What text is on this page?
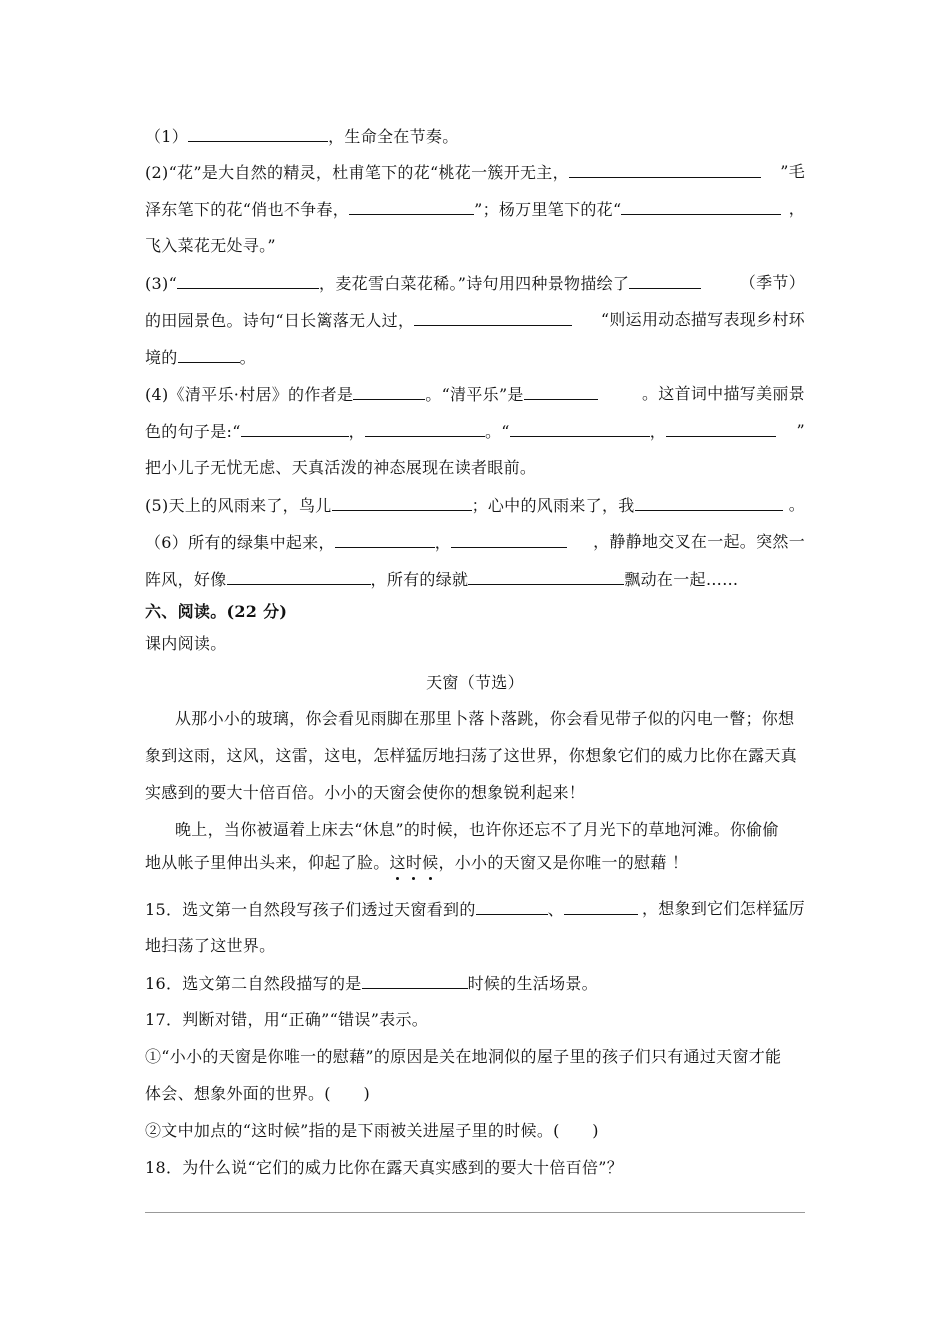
（1）	，生命全在节奏。
(2)“花”是大自然的精灵，杜甫笔下的花“桃花一簇开无主，	”毛
泽东笔下的花“俏也不争春，	”；杨万里笔下的花“	，
飞入菜花无处寻。”
(3)“	，麦花雪白菜花稀。”诗句用四种景物描绘了	（季节）
的田园景色。诗句“日长篱落无人过，	“则运用动态描写表现乡村环
境的	。
(4)《清平乐·村居》的作者是	。“清平乐”是	。这首词中描写美丽景
色的句子是:“	，	。“	，	”
把小儿子无忧无虑、天真活泼的神态展现在读者眼前。
(5)天上的风雨来了，鸟儿	；心中的风雨来了，我	。
（6）所有的绿集中起来，	，	，静静地交叉在一起。突然一
阵风，好像	，所有的绿就	飘动在一起……
六、阅读。(22 分)
课内阅读。
天窗（节选）
从那小小的玻璃，你会看见雨脚在那里卜落卜落跳，你会看见带子似的闪电一瞥；你想
象到这雨，这风，这雷，这电，怎样猛厉地扫荡了这世界，你想象它们的威力比你在露天真
实感到的要大十倍百倍。小小的天窗会使你的想象锐利起来！
晚上，当你被逼着上床去“休息”的时候，也许你还忘不了月光下的草地河滩。你偷偷
地从帐子里伸出头来，仰起了脸。这时候，小小的天窗又是你唯一的慰藉 ！
15．选文第一自然段写孩子们透过天窗看到的	、	，想象到它们怎样猛厉
地扫荡了这世界。
16．选文第二自然段描写的是	时候的生活场景。
17．判断对错，用“正确”“错误”表示。
①“小小的天窗是你唯一的慰藉”的原因是关在地洞似的屋子里的孩子们只有通过天窗才能
体会、想象外面的世界。(　　)
②文中加点的“这时候”指的是下雨被关进屋子里的时候。(　　)
18．为什么说“它们的威力比你在露天真实感到的要大十倍百倍”？
